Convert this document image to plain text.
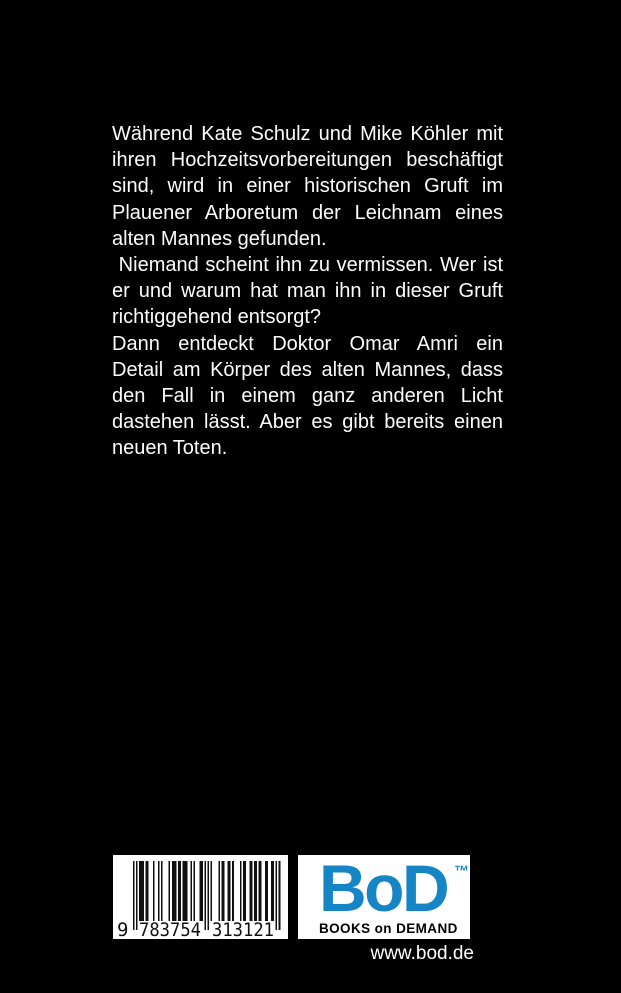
Während Kate Schulz und Mike Köhler mit
ihren Hochzeitsvorbereitungen beschäftigt
sind, wird in einer historischen Gruft im
Plauener Arboretum der Leichnam eines
alten Mannes gefunden.
Niemand scheint ihn zu vermissen. Wer ist
er und warum hat man ihn in dieser Gruft
richtiggehend entsorgt?
Dann entdeckt Doktor Omar Amri ein
Detail am Körper des alten Mannes, dass
den Fall in einem ganz anderen Licht
dastehen lässt. Aber es gibt bereits einen
neuen Toten.
9 783754 313121
BoD ™
BOOKS on DEMAND
www.bod.de
